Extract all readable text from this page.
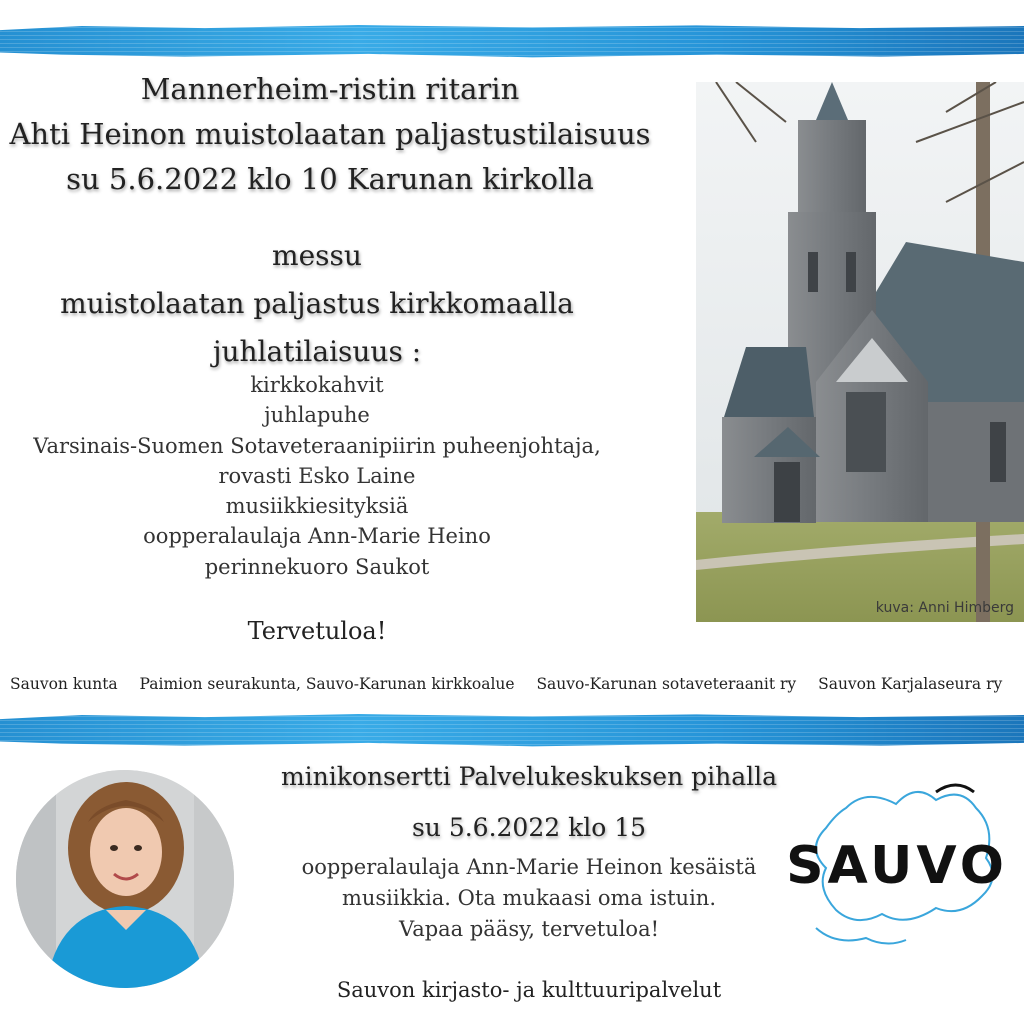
Mannerheim-ristin ritarin
Ahti Heinon muistolaatan paljastustilaisuus
su 5.6.2022 klo 10 Karunan kirkolla
messu
muistolaatan paljastus kirkkomaalla
juhlatilaisuus :
kirkkokahvit
juhlapuhe
Varsinais-Suomen Sotaveteraanipiirin puheenjohtaja,
rovasti Esko Laine
musiikkiesityksiä
oopperalaulaja Ann-Marie Heino
perinnekuoro Saukot
Tervetuloa!
Sauvon kunta Paimion seurakunta, Sauvo-Karunan kirkkoalue Sauvo-Karunan sotaveteraanit ry Sauvon Karjalaseura ry
kuva: Anni Himberg
minikonsertti Palvelukeskuksen pihalla
su 5.6.2022 klo 15
oopperalaulaja Ann-Marie Heinon kesäistä
musiikkia. Ota mukaasi oma istuin.
Vapaa pääsy, tervetuloa!
Sauvon kirjasto- ja kulttuuripalvelut
SAUVO
